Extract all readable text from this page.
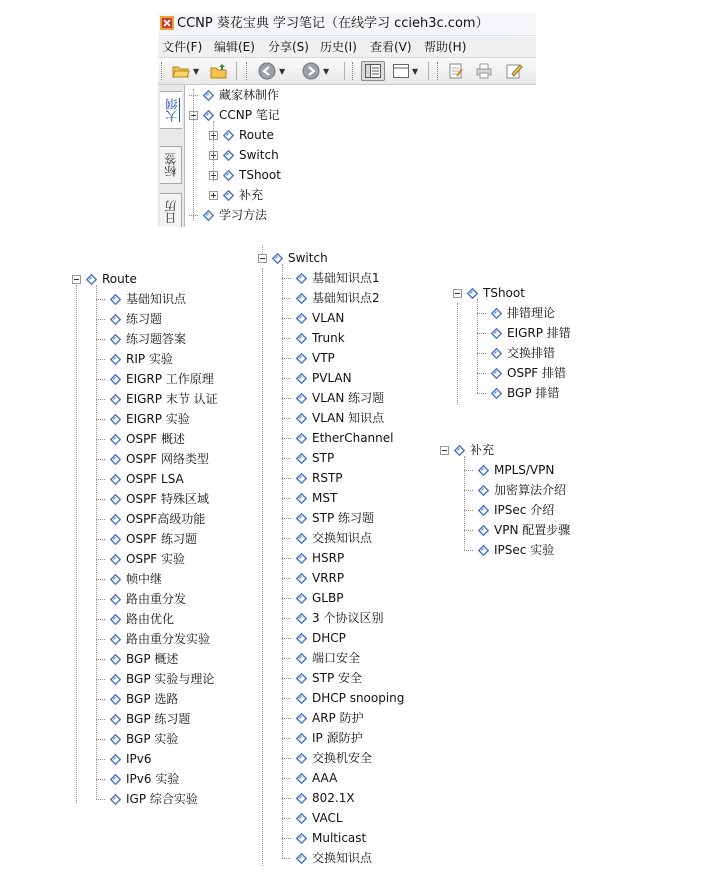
CCNP 葵花宝典 学习笔记（在线学习 ccieh3c.com）
文件(F) 编辑(E) 分享(S) 历史(I) 查看(V) 帮助(H)
▼	▼	▼	▼
大纲
标签
日历
藏家林制作
CCNP 笔记
Route
Switch
TShoot
补充
学习方法
Route
基础知识点
练习题
练习题答案
RIP 实验
EIGRP 工作原理
EIGRP 末节 认证
EIGRP 实验
OSPF 概述
OSPF 网络类型
OSPF LSA
OSPF 特殊区域
OSPF高级功能
OSPF 练习题
OSPF 实验
帧中继
路由重分发
路由优化
路由重分发实验
BGP 概述
BGP 实验与理论
BGP 选路
BGP 练习题
BGP 实验
IPv6
IPv6 实验
IGP 综合实验
Switch
基础知识点1
基础知识点2
VLAN
Trunk
VTP
PVLAN
VLAN 练习题
VLAN 知识点
EtherChannel
STP
RSTP
MST
STP 练习题
交换知识点
HSRP
VRRP
GLBP
3 个协议区别
DHCP
端口安全
STP 安全
DHCP snooping
ARP 防护
IP 源防护
交换机安全
AAA
802.1X
VACL
Multicast
交换知识点
TShoot
排错理论
EIGRP 排错
交换排错
OSPF 排错
BGP 排错
补充
MPLS/VPN
加密算法介绍
IPSec 介绍
VPN 配置步骤
IPSec 实验
